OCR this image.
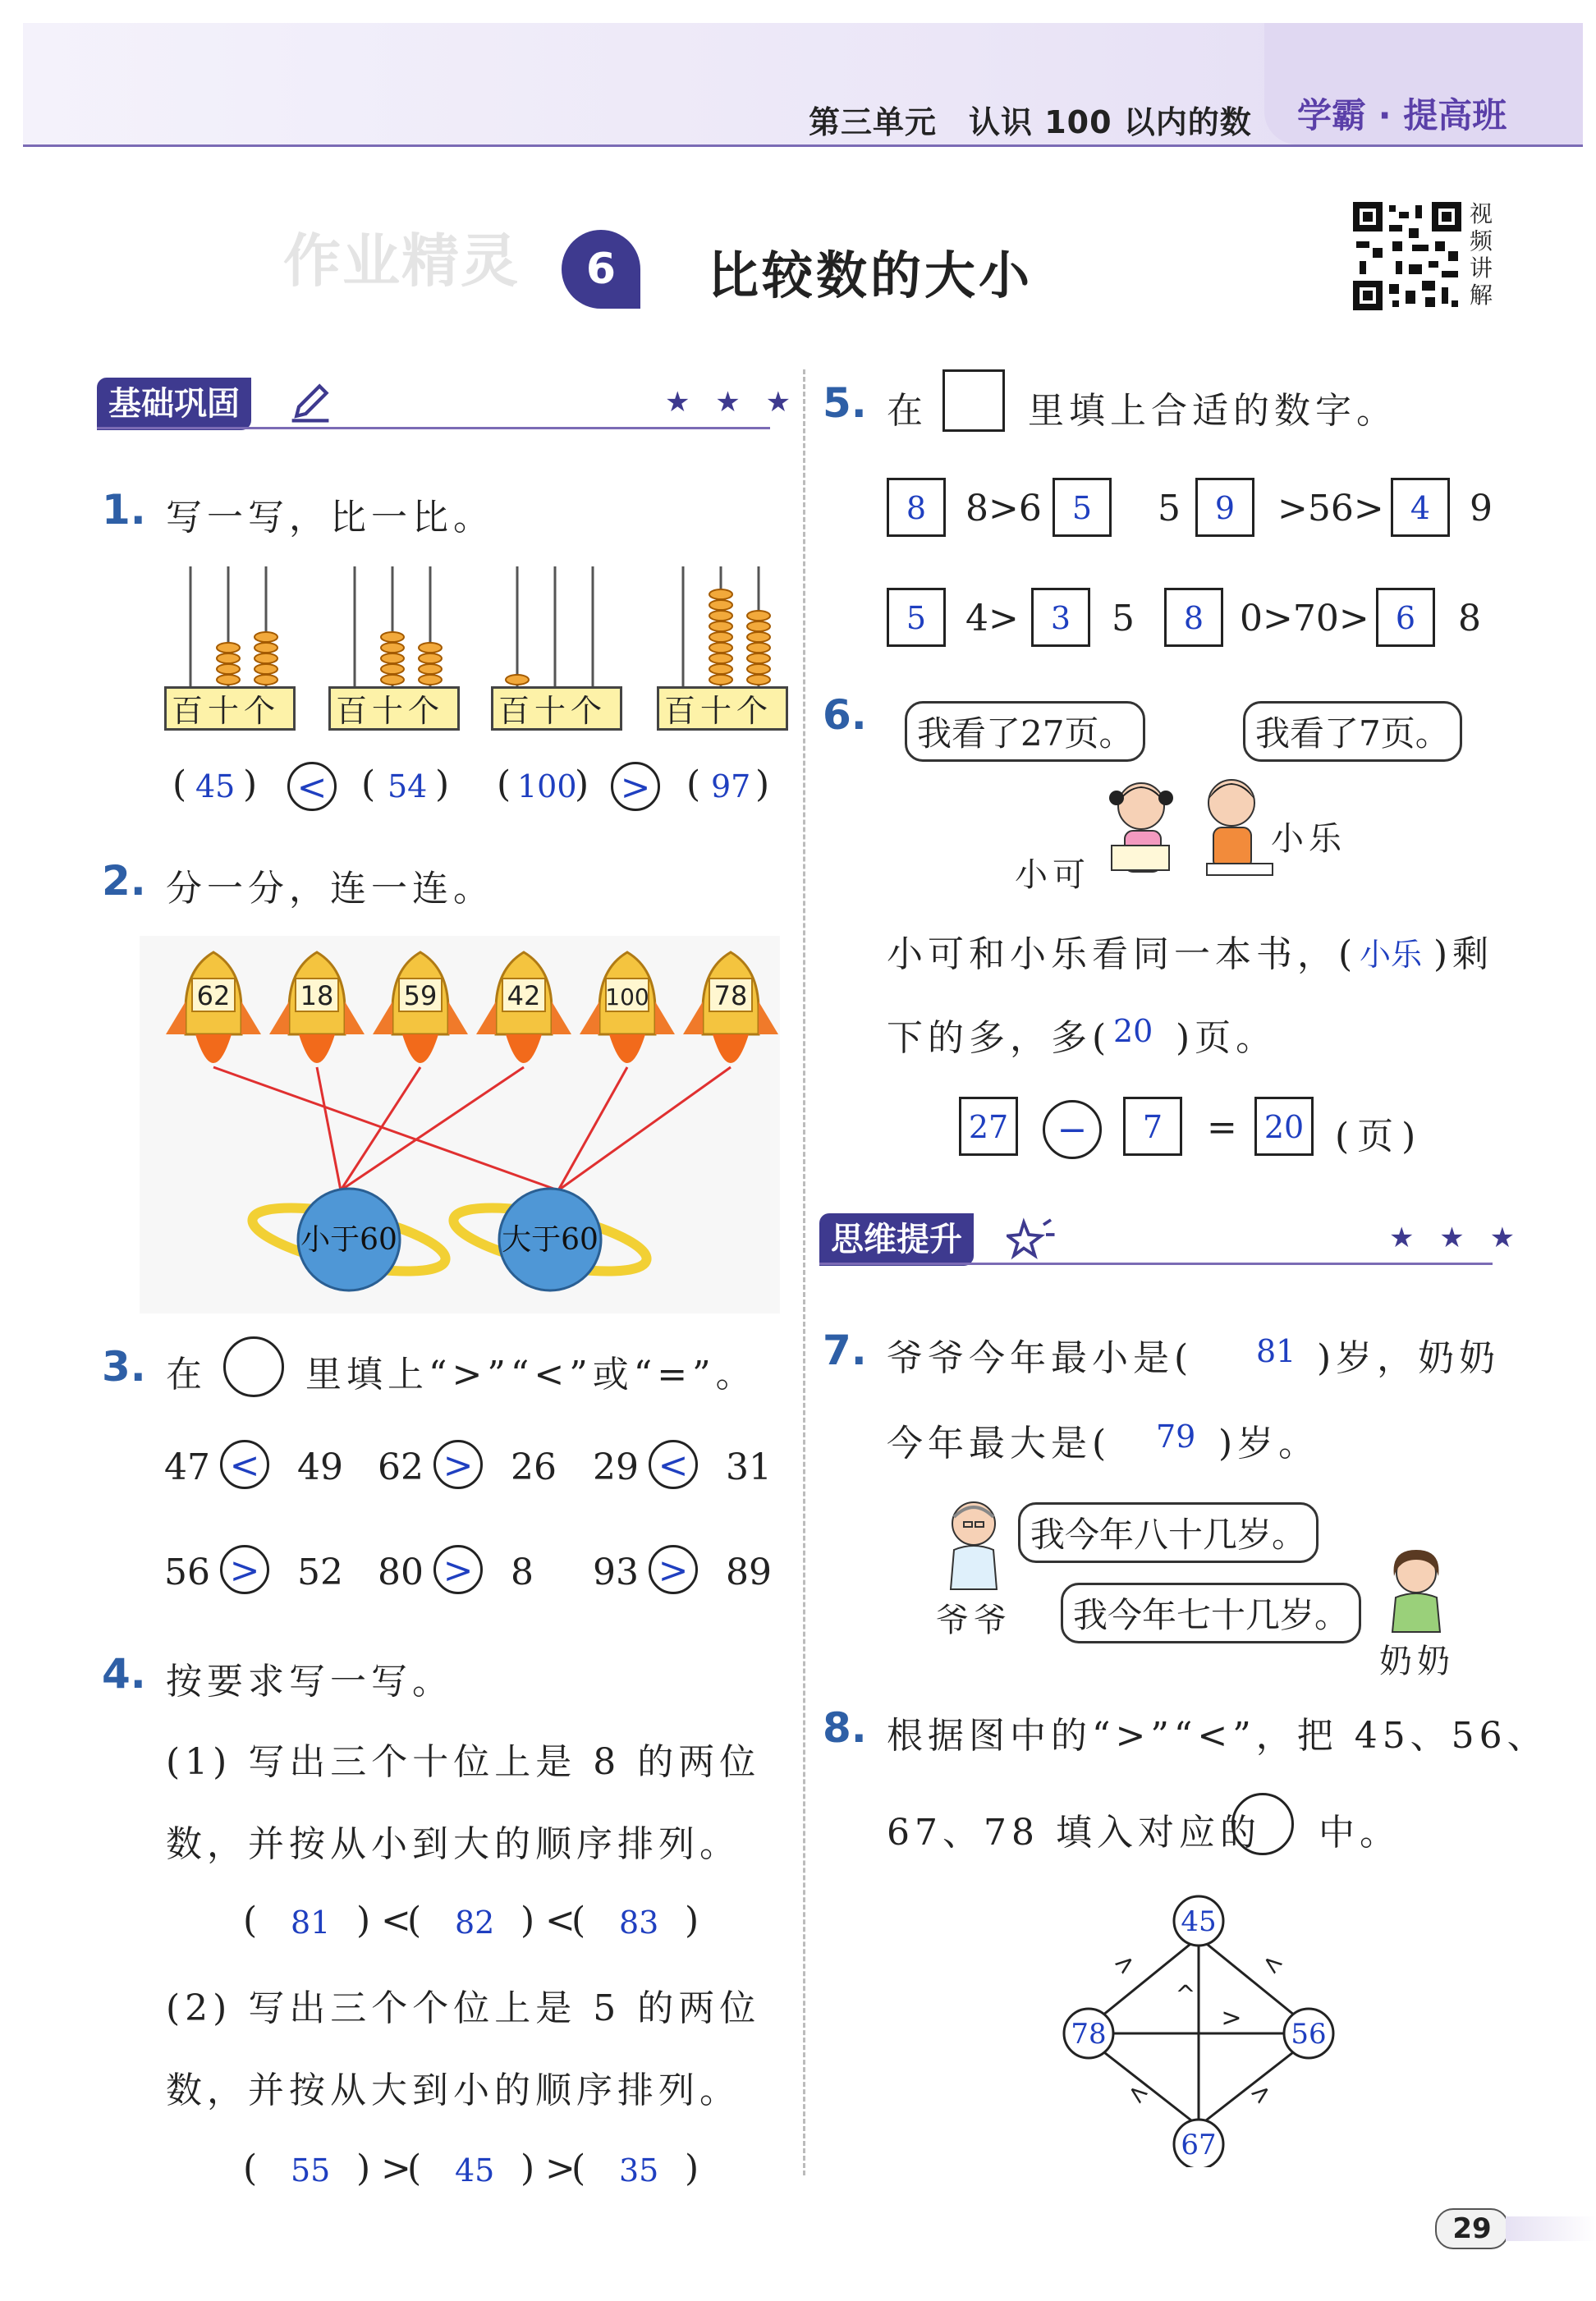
第三单元　认识 100 以内的数 学霸 · 提高班
作业精灵	6	比较数的大小
视
频
讲
解
基础巩固	★ ★ ★
1. 写一写，比一比。
百十个	百十个	百十个	百十个
( 45 ) < ( 54 ) ( 100
) > ( 97 )
2. 分一分，连一连。
62	18	59	42	100 78
小于60	大于60
3. 在	里填上“>”“<”或“=”。
47 < 49 62 > 26 29 < 31
56 > 52 80 > 8 93 > 89
4. 按要求写一写。
(1) 写出三个十位上是 8 的两位
数，并按从小到大的顺序排列。
( 81 ) <
( 82 ) <
( 83 )
(2) 写出三个个位上是 5 的两位
数，并按从大到小的顺序排列。
( 55 ) >
( 45 ) >
( 35 )
5. 在	里填上合适的数字。
8	8>6 5	5	9	>56> 4	9
5	4>	3	5	8 0>70> 6	8
6.	我看了27页。	我看了7页。
小可
小乐
小可和小乐看同一本书，( 小乐 )剩
下的多，多( 20 )页。
27	−	7	= 20 (页)
思维提升	★ ★ ★
7. 爷爷今年最小是( 81 )岁，奶奶
今年最大是( 79 )岁。
我今年八十几岁。
爷爷	我今年七十几岁。
奶奶
8. 根据图中的“>”“<”，把 45、56、
67、78 填入对应的 中。
45
78	56
67
>	<
<	>
^
>
29
